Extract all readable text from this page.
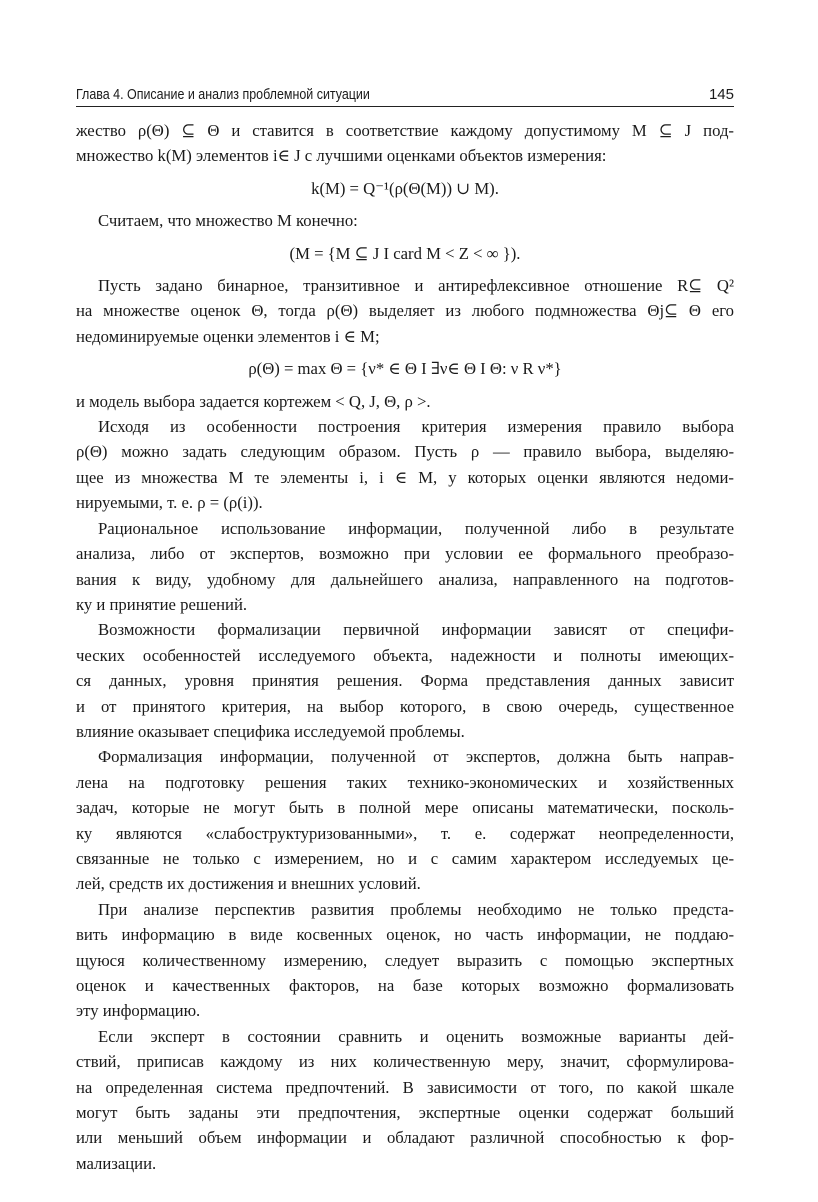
Глава 4. Описание и анализ проблемной ситуации	145
жество ρ(Θ) ⊆ Θ и ставится в соответствие каждому допустимому M ⊆ J под-
множество k(M) элементов i∈ J с лучшими оценками объектов измерения:
k(M) = Q⁻¹(ρ(Θ(M)) ∪ M).
Считаем, что множество M конечно:
(M = {M ⊆ J I card M < Z < ∞ }).
Пусть задано бинарное, транзитивное и антирефлексивное отношение R⊆ Q²
на множестве оценок Θ, тогда ρ(Θ) выделяет из любого подмножества Θj⊆ Θ его
недоминируемые оценки элементов i ∈ M;
ρ(Θ) = max Θ = {ν* ∈ Θ I ∃ν∈ Θ I Θ: ν R ν*}
и модель выбора задается кортежем < Q, J, Θ, ρ >.
Исходя из особенности построения критерия измерения правило выбора
ρ(Θ) можно задать следующим образом. Пусть ρ — правило выбора, выделяю-
щее из множества M те элементы i, i ∈ M, у которых оценки являются недоми-
нируемыми, т. е. ρ = (ρ(i)).
Рациональное использование информации, полученной либо в результате
анализа, либо от экспертов, возможно при условии ее формального преобразо-
вания к виду, удобному для дальнейшего анализа, направленного на подготов-
ку и принятие решений.
Возможности формализации первичной информации зависят от специфи-
ческих особенностей исследуемого объекта, надежности и полноты имеющих-
ся данных, уровня принятия решения. Форма представления данных зависит
и от принятого критерия, на выбор которого, в свою очередь, существенное
влияние оказывает специфика исследуемой проблемы.
Формализация информации, полученной от экспертов, должна быть направ-
лена на подготовку решения таких технико-экономических и хозяйственных
задач, которые не могут быть в полной мере описаны математически, посколь-
ку являются «слабоструктуризованными», т. е. содержат неопределенности,
связанные не только с измерением, но и с самим характером исследуемых це-
лей, средств их достижения и внешних условий.
При анализе перспектив развития проблемы необходимо не только предста-
вить информацию в виде косвенных оценок, но часть информации, не поддаю-
щуюся количественному измерению, следует выразить с помощью экспертных
оценок и качественных факторов, на базе которых возможно формализовать
эту информацию.
Если эксперт в состоянии сравнить и оценить возможные варианты дей-
ствий, приписав каждому из них количественную меру, значит, сформулирова-
на определенная система предпочтений. В зависимости от того, по какой шкале
могут быть заданы эти предпочтения, экспертные оценки содержат больший
или меньший объем информации и обладают различной способностью к фор-
мализации.
